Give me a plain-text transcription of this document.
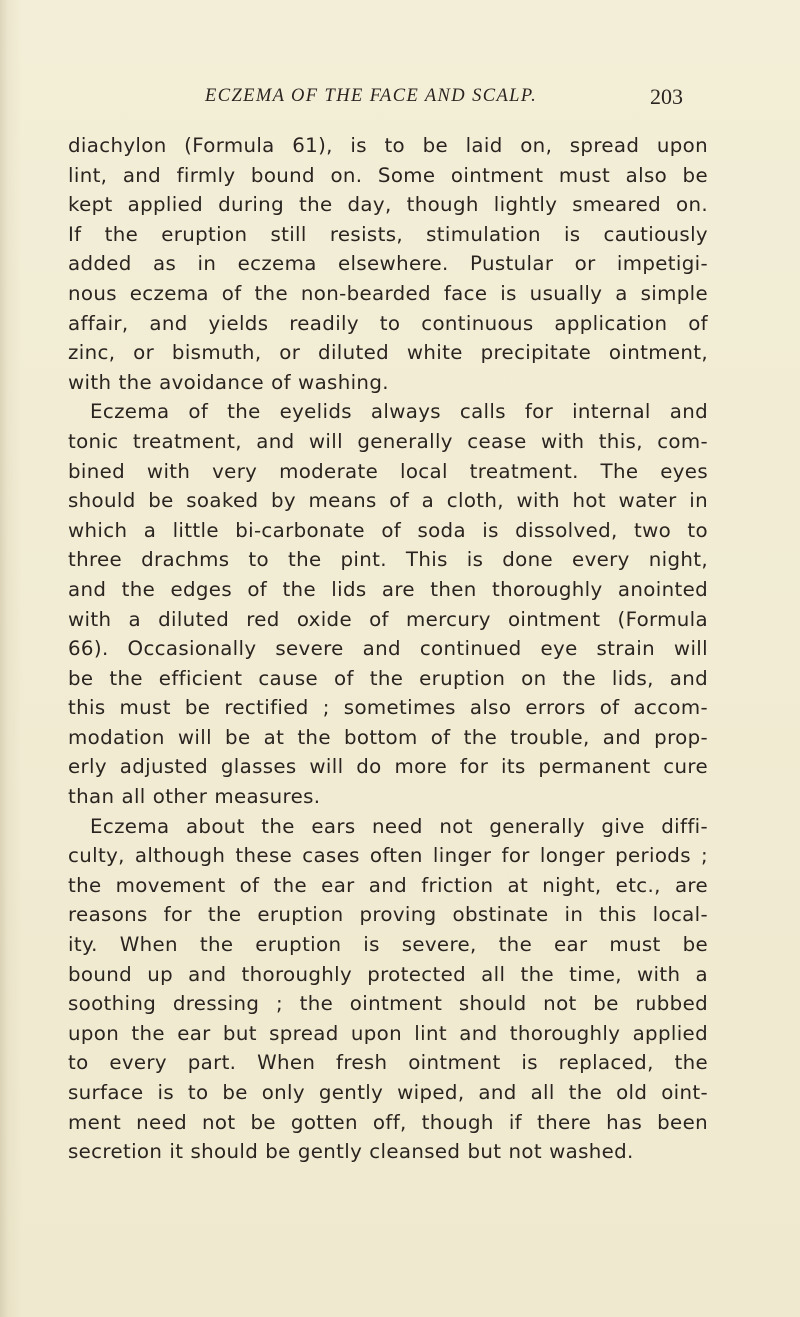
ECZEMA OF THE FACE AND SCALP.	203
diachylon (Formula 61), is to be laid on, spread upon
lint, and firmly bound on. Some ointment must also be
kept applied during the day, though lightly smeared on.
If the eruption still resists, stimulation is cautiously
added as in eczema elsewhere. Pustular or impetigi-
nous eczema of the non-bearded face is usually a simple
affair, and yields readily to continuous application of
zinc, or bismuth, or diluted white precipitate ointment,
with the avoidance of washing.
Eczema of the eyelids always calls for internal and
tonic treatment, and will generally cease with this, com-
bined with very moderate local treatment. The eyes
should be soaked by means of a cloth, with hot water in
which a little bi-carbonate of soda is dissolved, two to
three drachms to the pint. This is done every night,
and the edges of the lids are then thoroughly anointed
with a diluted red oxide of mercury ointment (Formula
66). Occasionally severe and continued eye strain will
be the efficient cause of the eruption on the lids, and
this must be rectified ; sometimes also errors of accom-
modation will be at the bottom of the trouble, and prop-
erly adjusted glasses will do more for its permanent cure
than all other measures.
Eczema about the ears need not generally give diffi-
culty, although these cases often linger for longer periods ;
the movement of the ear and friction at night, etc., are
reasons for the eruption proving obstinate in this local-
ity. When the eruption is severe, the ear must be
bound up and thoroughly protected all the time, with a
soothing dressing ; the ointment should not be rubbed
upon the ear but spread upon lint and thoroughly applied
to every part. When fresh ointment is replaced, the
surface is to be only gently wiped, and all the old oint-
ment need not be gotten off, though if there has been
secretion it should be gently cleansed but not washed.
